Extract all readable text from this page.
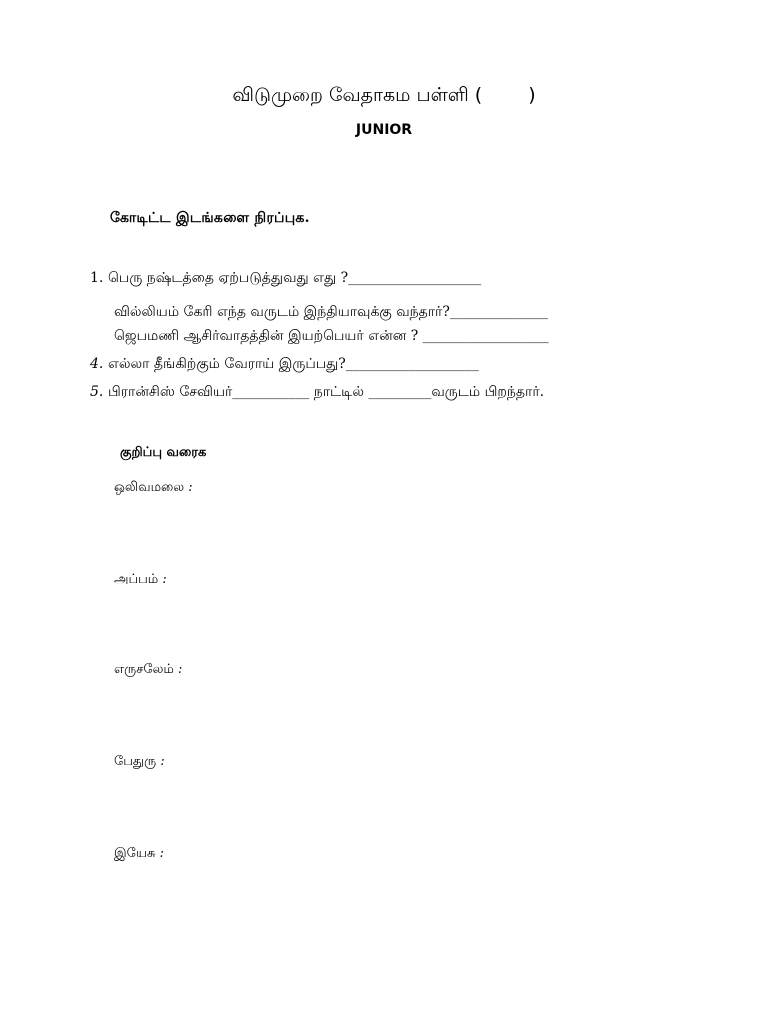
விடுமுறை வேதாகம பள்ளி ( )
JUNIOR
கோடிட்ட இடங்களை நிரப்புக.
1. பெரு நஷ்டத்தை ஏற்படுத்துவது எது ?___________________
வில்லியம் கேரி எந்த வருடம் இந்தியாவுக்கு வந்தார்?______________
ஜெபமணி ஆசிர்வாதத்தின் இயற்பெயர் என்ன ? __________________
4. எல்லா தீங்கிற்கும் வேராய் இருப்பது?___________________
5. பிரான்சிஸ் சேவியர்___________ நாட்டில் _________வருடம் பிறந்தார்.
குறிப்பு வரைக
ஒலிவமலை :
அப்பம் :
எருசலேம் :
பேதுரு :
இயேசு :
